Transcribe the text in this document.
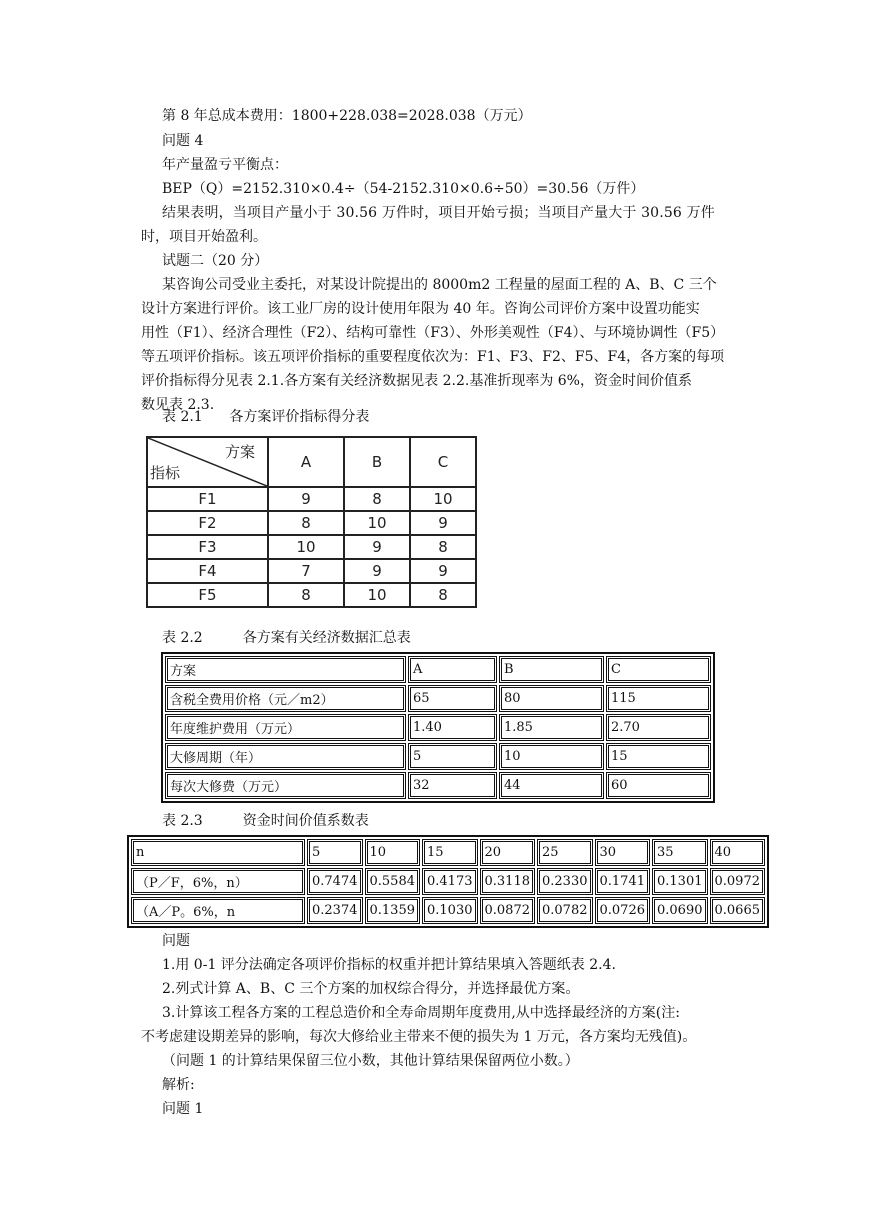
第 8 年总成本费用：1800+228.038=2028.038（万元）
问题 4
年产量盈亏平衡点：
BEP（Q）=2152.310×0.4÷（54-2152.310×0.6÷50）=30.56（万件）
结果表明，当项目产量小于 30.56 万件时，项目开始亏损；当项目产量大于 30.56 万件
时，项目开始盈利。
试题二（20 分）
某咨询公司受业主委托，对某设计院提出的 8000m2 工程量的屋面工程的 A、B、C 三个
设计方案进行评价。该工业厂房的设计使用年限为 40 年。咨询公司评价方案中设置功能实
用性（F1）、经济合理性（F2）、结构可靠性（F3）、外形美观性（F4）、与环境协调性（F5）
等五项评价指标。该五项评价指标的重要程度依次为：F1、F3、F2、F5、F4，各方案的每项
评价指标得分见表 2.1.各方案有关经济数据见表 2.2.基准折现率为 6%，资金时间价值系
数见表 2.3.
表 2.1      各方案评价指标得分表
方案
指标	A	B	C
F1	9	8	10
F2	8	10	9
F3	10	9	8
F4	7	9	9
F5	8	10	8
表 2.2         各方案有关经济数据汇总表
方案	A	B	C
含税全费用价格（元／m2）	65	80	115
年度维护费用（万元）	1.40	1.85	2.70
大修周期（年）	5	10	15
每次大修费（万元）	32	44	60
表 2.3         资金时间价值系数表
n	5	10	15	20	25	30	35	40
（P／F，6%，n）	0.7474	0.5584	0.4173	0.3118	0.2330	0.1741	0.1301	0.0972
（A／P。6%，n	0.2374	0.1359	0.1030	0.0872	0.0782	0.0726	0.0690	0.0665
问题
1.用 0-1 评分法确定各项评价指标的权重并把计算结果填入答题纸表 2.4.
2.列式计算 A、B、C 三个方案的加权综合得分，并选择最优方案。
3.计算该工程各方案的工程总造价和全寿命周期年度费用,从中选择最经济的方案(注:
不考虑建设期差异的影响，每次大修给业主带来不便的损失为 1 万元，各方案均无残值)。
（问题 1 的计算结果保留三位小数，其他计算结果保留两位小数。）
解析:
问题 1
